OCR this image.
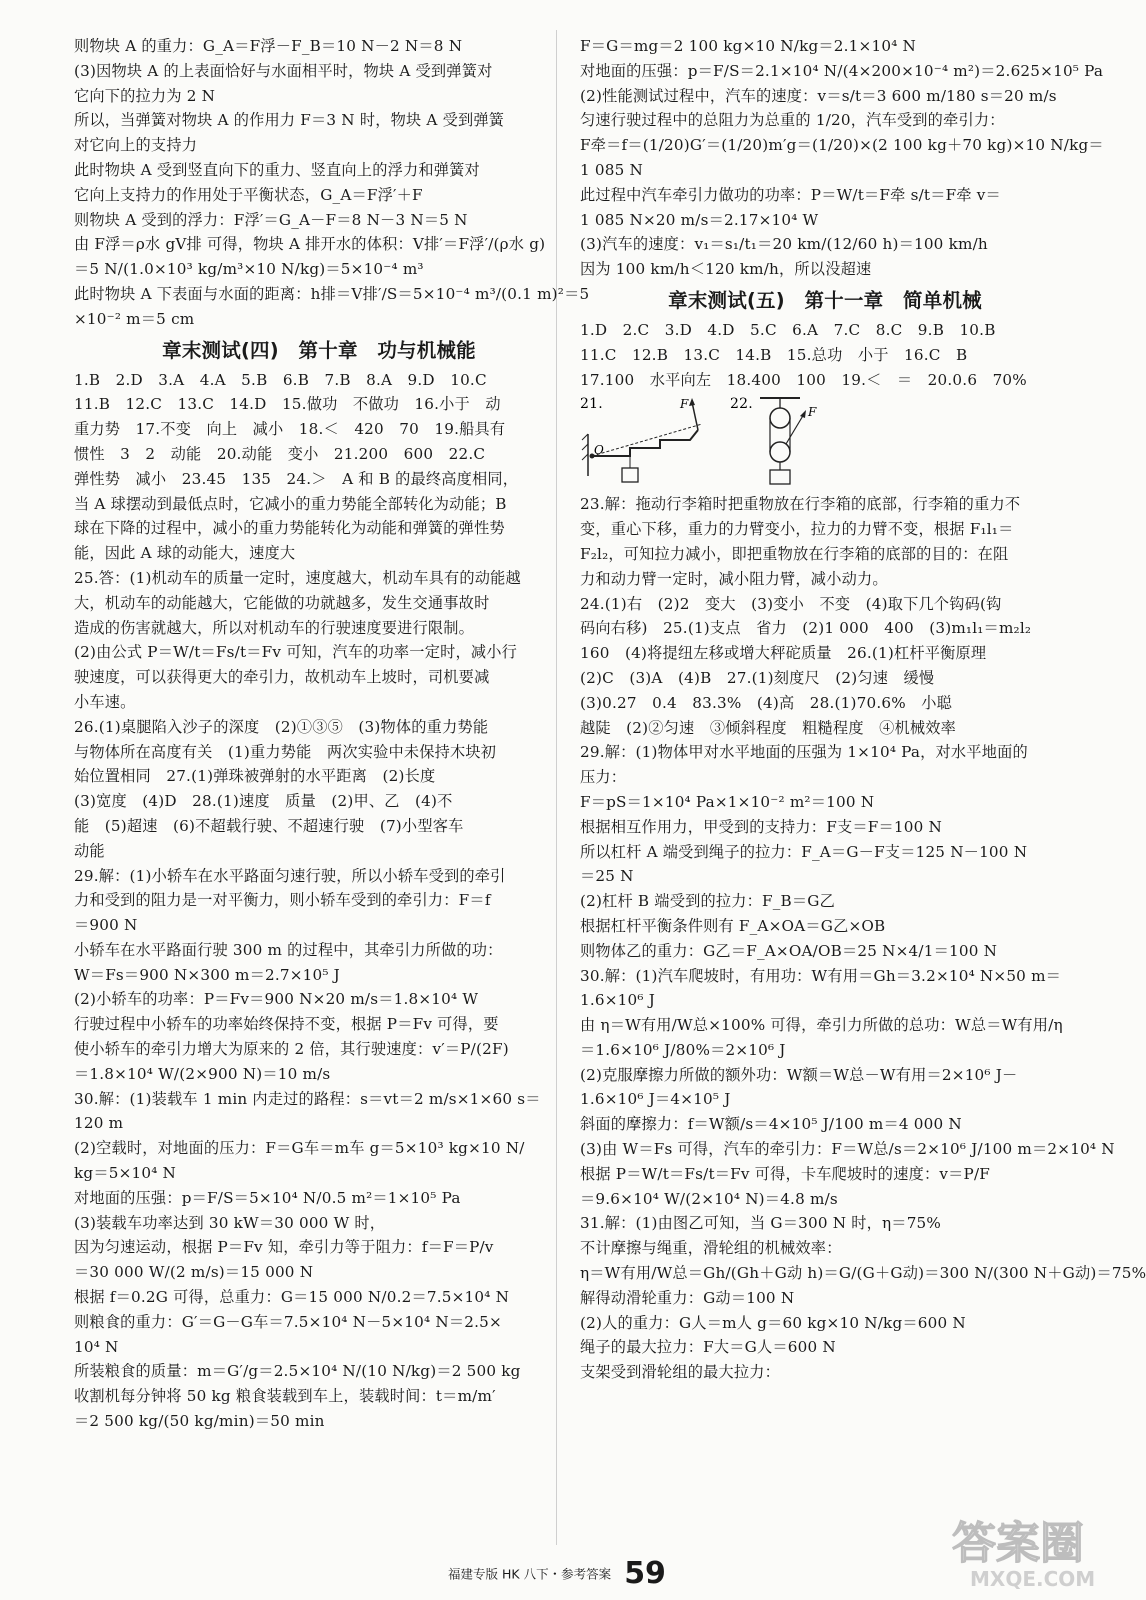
则物块 A 的重力：G_A＝F浮－F_B＝10 N－2 N＝8 N
(3)因物块 A 的上表面恰好与水面相平时，物块 A 受到弹簧对
它向下的拉力为 2 N
所以，当弹簧对物块 A 的作用力 F＝3 N 时，物块 A 受到弹簧
对它向上的支持力
此时物块 A 受到竖直向下的重力、竖直向上的浮力和弹簧对
它向上支持力的作用处于平衡状态，G_A＝F浮′＋F
则物块 A 受到的浮力：F浮′＝G_A－F＝8 N－3 N＝5 N
由 F浮＝ρ水 gV排 可得，物块 A 排开水的体积：V排′＝F浮′/(ρ水 g)
＝5 N/(1.0×10³ kg/m³×10 N/kg)＝5×10⁻⁴ m³
此时物块 A 下表面与水面的距离：h排＝V排′/S＝5×10⁻⁴ m³/(0.1 m)²＝5
×10⁻² m＝5 cm
章末测试(四)　第十章　功与机械能
1.B　2.D　3.A　4.A　5.B　6.B　7.B　8.A　9.D　10.C
11.B　12.C　13.C　14.D　15.做功　不做功　16.小于　动
重力势　17.不变　向上　减小　18.＜　420　70　19.船具有
惯性　3　2　动能　20.动能　变小　21.200　600　22.C
弹性势　减小　23.45　135　24.＞　A 和 B 的最终高度相同，
当 A 球摆动到最低点时，它减小的重力势能全部转化为动能；B
球在下降的过程中，减小的重力势能转化为动能和弹簧的弹性势
能，因此 A 球的动能大，速度大
25.答：(1)机动车的质量一定时，速度越大，机动车具有的动能越
大，机动车的动能越大，它能做的功就越多，发生交通事故时
造成的伤害就越大，所以对机动车的行驶速度要进行限制。
(2)由公式 P＝W/t＝Fs/t＝Fv 可知，汽车的功率一定时，减小行
驶速度，可以获得更大的牵引力，故机动车上坡时，司机要减
小车速。
26.(1)桌腿陷入沙子的深度　(2)①③⑤　(3)物体的重力势能
与物体所在高度有关　(1)重力势能　两次实验中未保持木块初
始位置相同　27.(1)弹珠被弹射的水平距离　(2)长度
(3)宽度　(4)D　28.(1)速度　质量　(2)甲、乙　(4)不
能　(5)超速　(6)不超载行驶、不超速行驶　(7)小型客车
动能
29.解：(1)小轿车在水平路面匀速行驶，所以小轿车受到的牵引
力和受到的阻力是一对平衡力，则小轿车受到的牵引力：F＝f
＝900 N
小轿车在水平路面行驶 300 m 的过程中，其牵引力所做的功：
W＝Fs＝900 N×300 m＝2.7×10⁵ J
(2)小轿车的功率：P＝Fv＝900 N×20 m/s＝1.8×10⁴ W
行驶过程中小轿车的功率始终保持不变，根据 P＝Fv 可得，要
使小轿车的牵引力增大为原来的 2 倍，其行驶速度：v′＝P/(2F)
＝1.8×10⁴ W/(2×900 N)＝10 m/s
30.解：(1)装载车 1 min 内走过的路程：s＝vt＝2 m/s×1×60 s＝
120 m
(2)空载时，对地面的压力：F＝G车＝m车 g＝5×10³ kg×10 N/
kg＝5×10⁴ N
对地面的压强：p＝F/S＝5×10⁴ N/0.5 m²＝1×10⁵ Pa
(3)装载车功率达到 30 kW＝30 000 W 时，
因为匀速运动，根据 P＝Fv 知，牵引力等于阻力：f＝F＝P/v
＝30 000 W/(2 m/s)＝15 000 N
根据 f＝0.2G 可得，总重力：G＝15 000 N/0.2＝7.5×10⁴ N
则粮食的重力：G′＝G－G车＝7.5×10⁴ N－5×10⁴ N＝2.5×
10⁴ N
所装粮食的质量：m＝G′/g＝2.5×10⁴ N/(10 N/kg)＝2 500 kg
收割机每分钟将 50 kg 粮食装载到车上，装载时间：t＝m/m′
＝2 500 kg/(50 kg/min)＝50 min
F＝G＝mg＝2 100 kg×10 N/kg＝2.1×10⁴ N
对地面的压强：p＝F/S＝2.1×10⁴ N/(4×200×10⁻⁴ m²)＝2.625×10⁵ Pa
(2)性能测试过程中，汽车的速度：v＝s/t＝3 600 m/180 s＝20 m/s
匀速行驶过程中的总阻力为总重的 1/20，汽车受到的牵引力：
F牵＝f＝(1/20)G′＝(1/20)m′g＝(1/20)×(2 100 kg＋70 kg)×10 N/kg＝
1 085 N
此过程中汽车牵引力做功的功率：P＝W/t＝F牵 s/t＝F牵 v＝
1 085 N×20 m/s＝2.17×10⁴ W
(3)汽车的速度：v₁＝s₁/t₁＝20 km/(12/60 h)＝100 km/h
因为 100 km/h＜120 km/h，所以没超速
章末测试(五)　第十一章　简单机械
1.D　2.C　3.D　4.D　5.C　6.A　7.C　8.C　9.B　10.B
11.C　12.B　13.C　14.B　15.总功　小于　16.C　B
17.100　水平向左　18.400　100　19.＜　＝　20.0.6　70%
21.
O
F	22.	F
23.解：拖动行李箱时把重物放在行李箱的底部，行李箱的重力不
变，重心下移，重力的力臂变小，拉力的力臂不变，根据 F₁l₁＝
F₂l₂，可知拉力减小，即把重物放在行李箱的底部的目的：在阻
力和动力臂一定时，减小阻力臂，减小动力。
24.(1)右　(2)2　变大　(3)变小　不变　(4)取下几个钩码(钩
码向右移)　25.(1)支点　省力　(2)1 000　400　(3)m₁l₁＝m₂l₂
160　(4)将提纽左移或增大秤砣质量　26.(1)杠杆平衡原理
(2)C　(3)A　(4)B　27.(1)刻度尺　(2)匀速　缓慢
(3)0.27　0.4　83.3%　(4)高　28.(1)70.6%　小聪
越陡　(2)②匀速　③倾斜程度　粗糙程度　④机械效率
29.解：(1)物体甲对水平地面的压强为 1×10⁴ Pa，对水平地面的
压力：
F＝pS＝1×10⁴ Pa×1×10⁻² m²＝100 N
根据相互作用力，甲受到的支持力：F支＝F＝100 N
所以杠杆 A 端受到绳子的拉力：F_A＝G－F支＝125 N－100 N
＝25 N
(2)杠杆 B 端受到的拉力：F_B＝G乙
根据杠杆平衡条件则有 F_A×OA＝G乙×OB
则物体乙的重力：G乙＝F_A×OA/OB＝25 N×4/1＝100 N
30.解：(1)汽车爬坡时，有用功：W有用＝Gh＝3.2×10⁴ N×50 m＝
1.6×10⁶ J
由 η＝W有用/W总×100% 可得，牵引力所做的总功：W总＝W有用/η
＝1.6×10⁶ J/80%＝2×10⁶ J
(2)克服摩擦力所做的额外功：W额＝W总－W有用＝2×10⁶ J－
1.6×10⁶ J＝4×10⁵ J
斜面的摩擦力：f＝W额/s＝4×10⁵ J/100 m＝4 000 N
(3)由 W＝Fs 可得，汽车的牵引力：F＝W总/s＝2×10⁶ J/100 m＝2×10⁴ N
根据 P＝W/t＝Fs/t＝Fv 可得，卡车爬坡时的速度：v＝P/F
＝9.6×10⁴ W/(2×10⁴ N)＝4.8 m/s
31.解：(1)由图乙可知，当 G＝300 N 时，η＝75%
不计摩擦与绳重，滑轮组的机械效率：
η＝W有用/W总＝Gh/(Gh＋G动 h)＝G/(G＋G动)＝300 N/(300 N＋G动)＝75%
解得动滑轮重力：G动＝100 N
(2)人的重力：G人＝m人 g＝60 kg×10 N/kg＝600 N
绳子的最大拉力：F大＝G人＝600 N
支架受到滑轮组的最大拉力：
福建专版 HK 八下・参考答案 59
答案圈
MXQE.COM
